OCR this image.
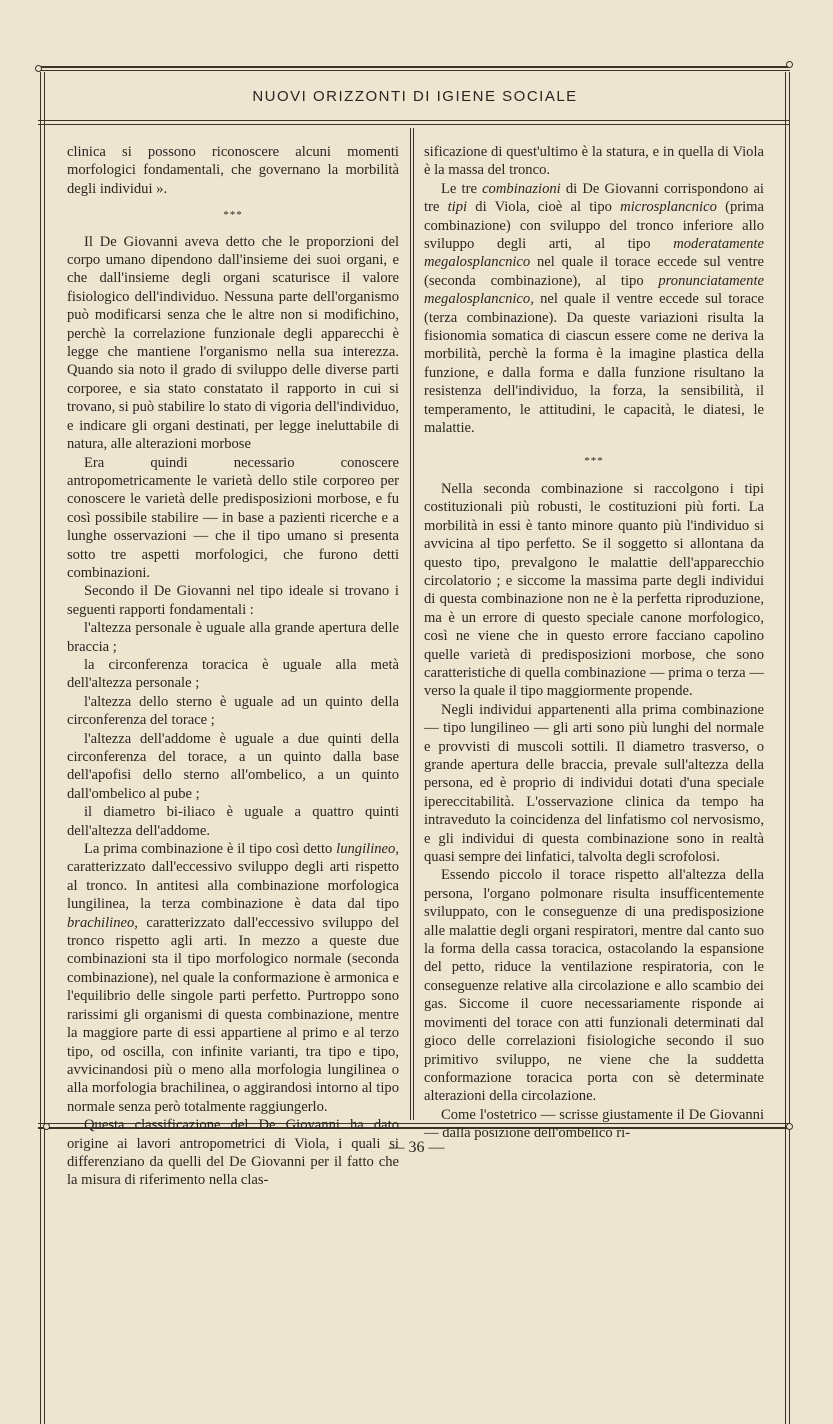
NUOVI ORIZZONTI DI IGIENE SOCIALE

clinica si possono riconoscere alcuni momenti morfologici fondamentali, che governano la morbilità degli individui ».

***

Il De Giovanni aveva detto che le proporzioni del corpo umano dipendono dall'insieme dei suoi organi, e che dall'insieme degli organi scaturisce il valore fisiologico dell'individuo. Nessuna parte dell'organismo può modificarsi senza che le altre non si modifichino, perchè la correlazione funzionale degli apparecchi è legge che mantiene l'organismo nella sua interezza. Quando sia noto il grado di sviluppo delle diverse parti corporee, e sia stato constatato il rapporto in cui si trovano, si può stabilire lo stato di vigoria dell'individuo, e indicare gli organi destinati, per legge ineluttabile di natura, alle alterazioni morbose

Era quindi necessario conoscere antropometricamente le varietà dello stile corporeo per conoscere le varietà delle predisposizioni morbose, e fu così possibile stabilire — in base a pazienti ricerche e a lunghe osservazioni — che il tipo umano si presenta sotto tre aspetti morfologici, che furono detti combinazioni.

Secondo il De Giovanni nel tipo ideale si trovano i seguenti rapporti fondamentali :

l'altezza personale è uguale alla grande apertura delle braccia ;

la circonferenza toracica è uguale alla metà dell'altezza personale ;

l'altezza dello sterno è uguale ad un quinto della circonferenza del torace ;

l'altezza dell'addome è uguale a due quinti della circonferenza del torace, a un quinto dalla base dell'apofisi dello sterno all'ombelico, a un quinto dall'ombelico al pube ;

il diametro bi-iliaco è uguale a quattro quinti dell'altezza dell'addome.

La prima combinazione è il tipo così detto lungilineo, caratterizzato dall'eccessivo sviluppo degli arti rispetto al tronco. In antitesi alla combinazione morfologica lungilinea, la terza combinazione è data dal tipo brachilineo, caratterizzato dall'eccessivo sviluppo del tronco rispetto agli arti. In mezzo a queste due combinazioni sta il tipo morfologico normale (seconda combinazione), nel quale la conformazione è armonica e l'equilibrio delle singole parti perfetto. Purtroppo sono rarissimi gli organismi di questa combinazione, mentre la maggiore parte di essi appartiene al primo e al terzo tipo, od oscilla, con infinite varianti, tra tipo e tipo, avvicinandosi più o meno alla morfologia lungilinea o alla morfologia brachilinea, o aggirandosi intorno al tipo normale senza però totalmente raggiungerlo.

Questa classificazione del De Giovanni ha dato origine ai lavori antropometrici di Viola, i quali si differenziano da quelli del De Giovanni per il fatto che la misura di riferimento nella clas-

sificazione di quest'ultimo è la statura, e in quella di Viola è la massa del tronco.

Le tre combinazioni di De Giovanni corrispondono ai tre tipi di Viola, cioè al tipo microsplancnico (prima combinazione) con sviluppo del tronco inferiore allo sviluppo degli arti, al tipo moderatamente megalosplancnico nel quale il torace eccede sul ventre (seconda combinazione), al tipo pronunciatamente megalosplancnico, nel quale il ventre eccede sul torace (terza combinazione). Da queste variazioni risulta la fisionomia somatica di ciascun essere come ne deriva la morbilità, perchè la forma è la imagine plastica della funzione, e dalla forma e dalla funzione risultano la resistenza dell'individuo, la forza, la sensibilità, il temperamento, le attitudini, le capacità, le diatesi, le malattie.

***

Nella seconda combinazione si raccolgono i tipi costituzionali più robusti, le costituzioni più forti. La morbilità in essi è tanto minore quanto più l'individuo si avvicina al tipo perfetto. Se il soggetto si allontana da questo tipo, prevalgono le malattie dell'apparecchio circolatorio ; e siccome la massima parte degli individui di questa combinazione non ne è la perfetta riproduzione, ma è un errore di questo speciale canone morfologico, così ne viene che in questo errore facciano capolino quelle varietà di predisposizioni morbose, che sono caratteristiche di quella combinazione — prima o terza — verso la quale il tipo maggiormente propende.

Negli individui appartenenti alla prima combinazione — tipo lungilineo — gli arti sono più lunghi del normale e provvisti di muscoli sottili. Il diametro trasverso, o grande apertura delle braccia, prevale sull'altezza della persona, ed è proprio di individui dotati d'una speciale ipereccitabilità. L'osservazione clinica da tempo ha intraveduto la coincidenza del linfatismo col nervosismo, e gli individui di questa combinazione sono in realtà quasi sempre dei linfatici, talvolta degli scrofolosi.

Essendo piccolo il torace rispetto all'altezza della persona, l'organo polmonare risulta insufficentemente sviluppato, con le conseguenze di una predisposizione alle malattie degli organi respiratori, mentre dal canto suo la forma della cassa toracica, ostacolando la espansione del petto, riduce la ventilazione respiratoria, con le conseguenze relative alla circolazione e allo scambio dei gas. Siccome il cuore necessariamente risponde ai movimenti del torace con atti funzionali determinati dal gioco delle correlazioni fisiologiche secondo il suo primitivo sviluppo, ne viene che la suddetta conformazione toracica porta con sè determinate alterazioni della circolazione.

Come l'ostetrico — scrisse giustamente il De Giovanni — dalla posizione dell'ombelico ri-

— 36 —
